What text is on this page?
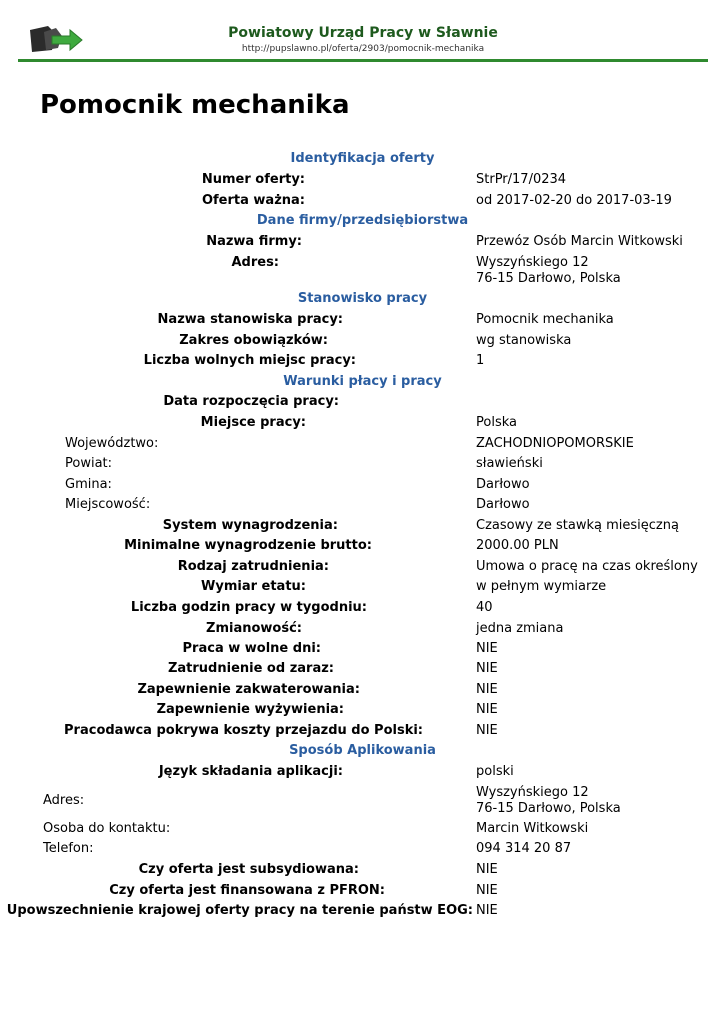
Powiatowy Urząd Pracy w Sławnie
http://pupslawno.pl/oferta/2903/pomocnik-mechanika
Pomocnik mechanika
Identyfikacja oferty
Numer oferty:	StrPr/17/0234
Oferta ważna:	od 2017-02-20 do 2017-03-19
Dane firmy/przedsiębiorstwa
Nazwa firmy:	Przewóz Osób Marcin Witkowski
Adres:	Wyszyńskiego 12
76-15 Darłowo, Polska
Stanowisko pracy
Nazwa stanowiska pracy:	Pomocnik mechanika
Zakres obowiązków:	wg stanowiska
Liczba wolnych miejsc pracy:	1
Warunki płacy i pracy
Data rozpoczęcia pracy:
Miejsce pracy:	Polska
Województwo:	ZACHODNIOPOMORSKIE
Powiat:	sławieński
Gmina:	Darłowo
Miejscowość:	Darłowo
System wynagrodzenia:	Czasowy ze stawką miesięczną
Minimalne wynagrodzenie brutto:	2000.00 PLN
Rodzaj zatrudnienia:	Umowa o pracę na czas określony
Wymiar etatu:	w pełnym wymiarze
Liczba godzin pracy w tygodniu:	40
Zmianowość:	jedna zmiana
Praca w wolne dni:	NIE
Zatrudnienie od zaraz:	NIE
Zapewnienie zakwaterowania:	NIE
Zapewnienie wyżywienia:	NIE
Pracodawca pokrywa koszty przejazdu do Polski:	NIE
Sposób Aplikowania
Język składania aplikacji:	polski
Adres:
Wyszyńskiego 12
76-15 Darłowo, Polska
Osoba do kontaktu:	Marcin Witkowski
Telefon:	094 314 20 87
Czy oferta jest subsydiowana:	NIE
Czy oferta jest finansowana z PFRON:	NIE
Upowszechnienie krajowej oferty pracy na terenie państw EOG: NIE
